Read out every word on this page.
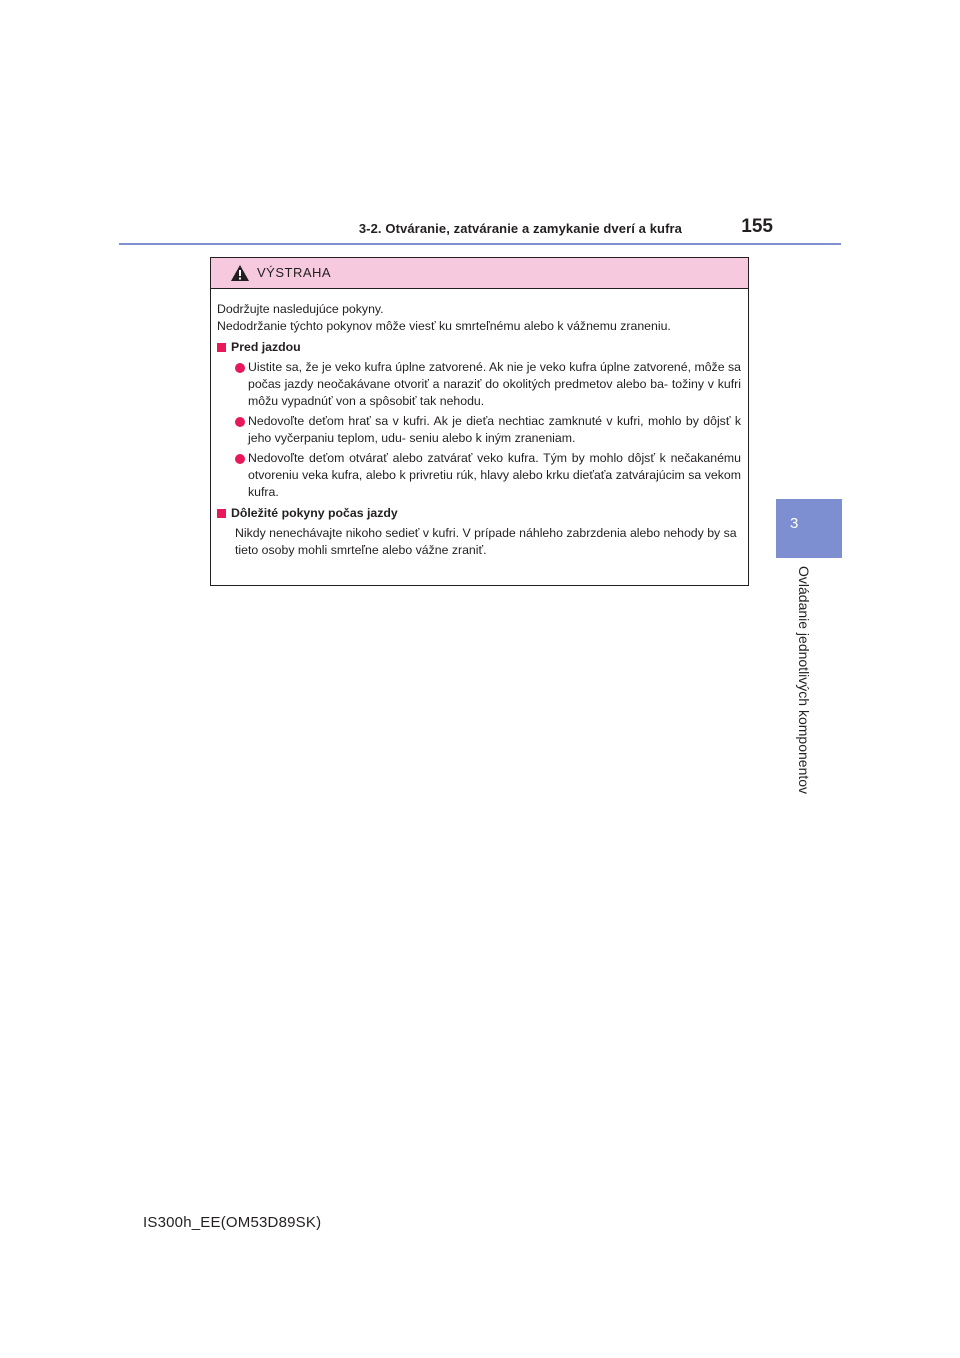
3-2. Otváranie, zatváranie a zamykanie dverí a kufra	155
3
Ovládanie jednotlivých komponentov
VÝSTRAHA

Dodržujte nasledujúce pokyny.

Nedodržanie týchto pokynov môže viesť ku smrteľnému alebo k vážnemu zraneniu.

Pred jazdou

Uistite sa, že je veko kufra úplne zatvorené. Ak nie je veko kufra úplne zatvorené, môže sa počas jazdy neočakávane otvoriť a naraziť do okolitých predmetov alebo ba- tožiny v kufri môžu vypadnúť von a spôsobiť tak nehodu.

Nedovoľte deťom hrať sa v kufri. Ak je dieťa nechtiac zamknuté v kufri, mohlo by dôjsť k jeho vyčerpaniu teplom, udu- seniu alebo k iným zraneniam.

Nedovoľte deťom otvárať alebo zatvárať veko kufra. Tým by mohlo dôjsť k nečakanému otvoreniu veka kufra, alebo k privretiu rúk, hlavy alebo krku dieťaťa zatvárajúcim sa vekom kufra.

Dôležité pokyny počas jazdy

Nikdy nenechávajte nikoho sedieť v kufri. V prípade náhleho zabrzdenia alebo nehody by sa tieto osoby mohli smrteľne alebo vážne zraniť.

IS300h_EE(OM53D89SK)
